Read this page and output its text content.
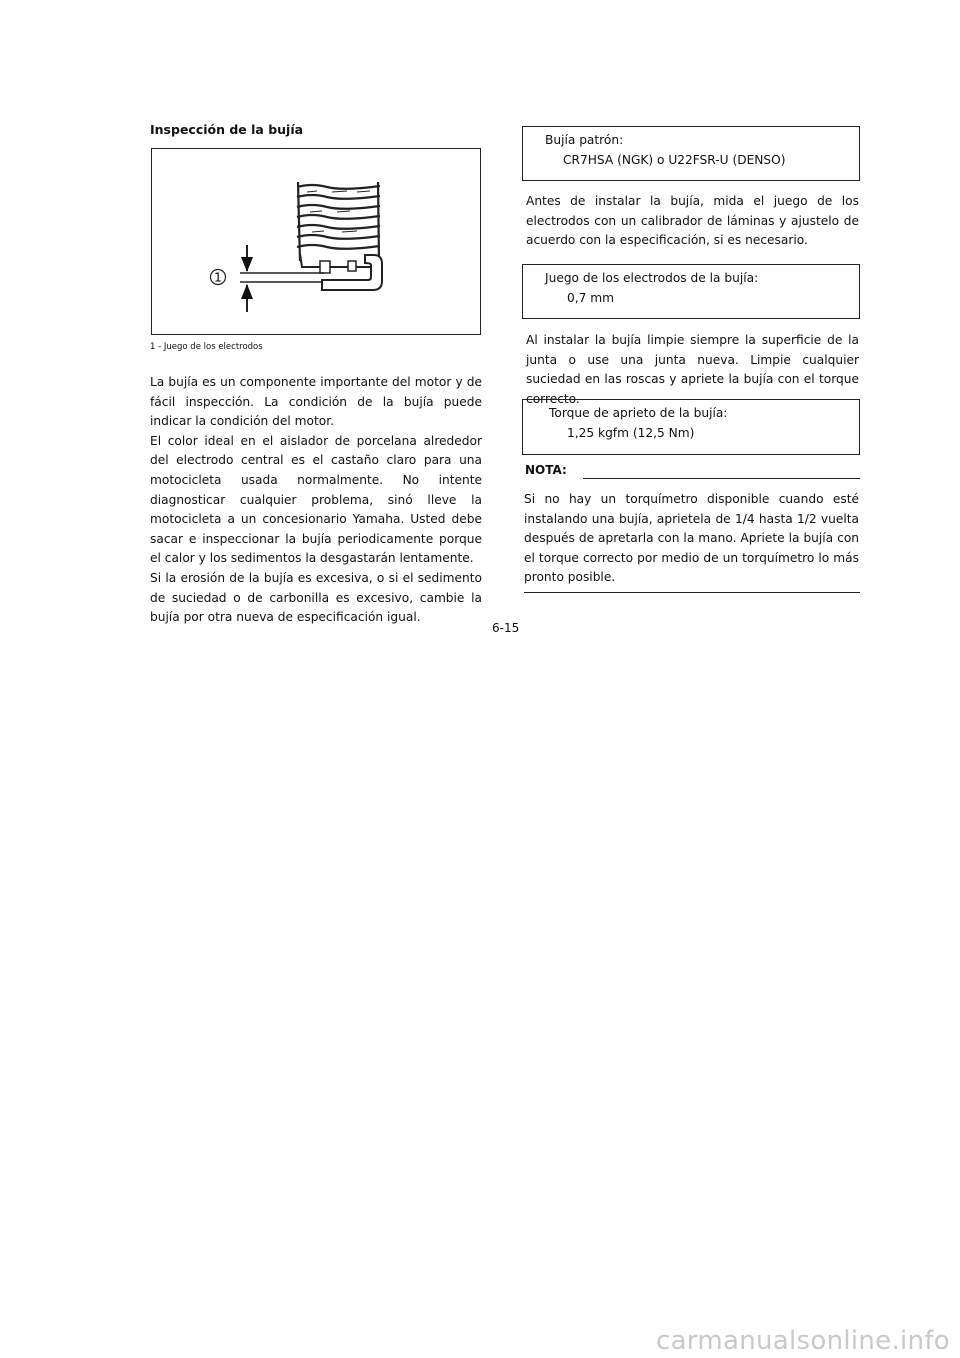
Inspección de la bujía
1
1 - Juego de los electrodos
La bujía es un componente importante del motor y de fácil inspección. La condición de la bujía puede indicar la condición del motor.
El color ideal en el aislador de porcelana alrededor del electrodo central es el castaño claro para una motocicleta usada normalmente. No intente diagnosticar cualquier problema, sinó lleve la motocicleta a un concesionario Yamaha. Usted debe sacar e inspeccionar la bujía periodicamente porque el calor y los sedimentos la desgastarán lentamente.
Si la erosión de la bujía es excesiva, o si el sedimento de suciedad o de carbonilla es excesivo, cambie la bujía por otra nueva de especificación igual.
Bujía patrón:
CR7HSA (NGK) o U22FSR-U (DENSO)
Antes de instalar la bujía, mida el juego de los electrodos con un calibrador de láminas y ajustelo de acuerdo con la especificación, si es necesario.
Juego de los electrodos de la bujía:
0,7 mm
Al instalar la bujía limpie siempre la superficie de la junta o use una junta nueva. Limpie cualquier suciedad en las roscas y apriete la bujía con el torque correcto.
Torque de aprieto de la bujía:
1,25 kgfm (12,5 Nm)
NOTA:
Si no hay un torquímetro disponible cuando esté instalando una bujía, aprietela de 1/4 hasta 1/2 vuelta después de apretarla con la mano. Apriete la bujía con el torque correcto por medio de un torquímetro lo más pronto posible.
6-15
carmanualsonline.info
